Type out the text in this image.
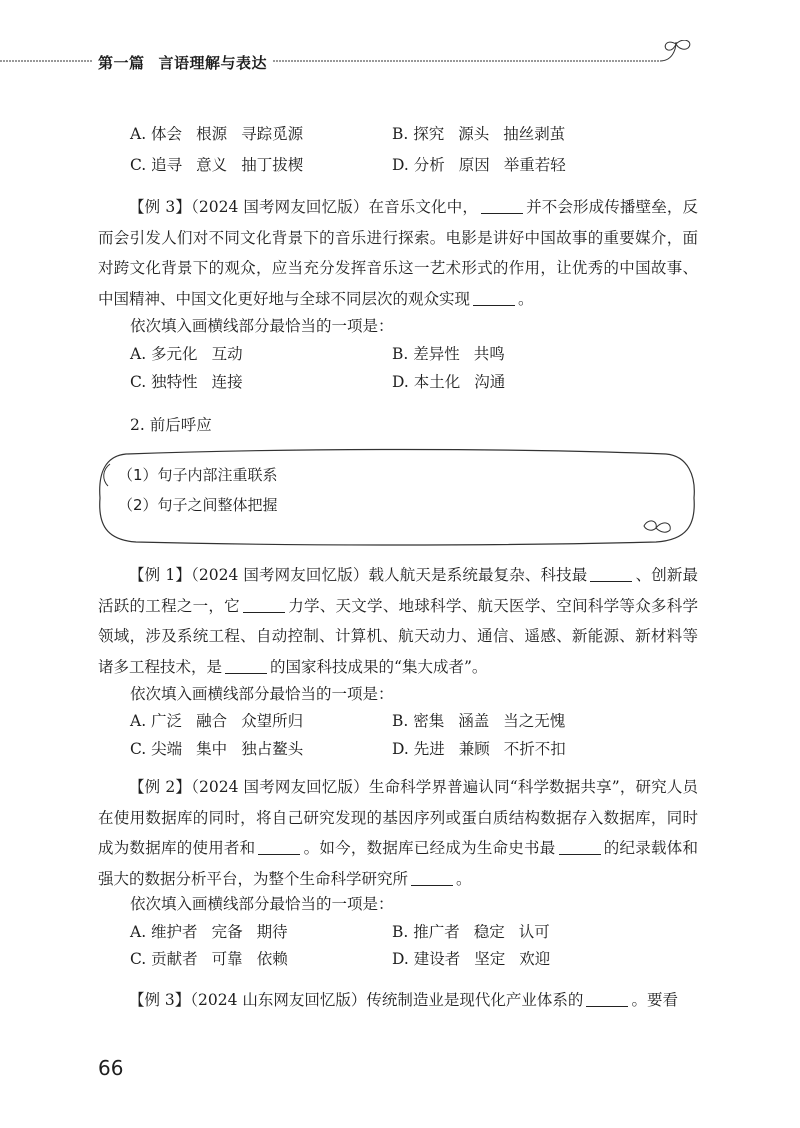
第一篇 言语理解与表达
A. 体会 根源 寻踪觅源	B. 探究 源头 抽丝剥茧
C. 追寻 意义 抽丁拔楔	D. 分析 原因 举重若轻
【例 3】（2024 国考网友回忆版）在音乐文化中，	并不会形成传播壁垒，反而会引发人们对不同文化背景下的音乐进行探索。电影是讲好中国故事的重要媒介，面对跨文化背景下的观众，应当充分发挥音乐这一艺术形式的作用，让优秀的中国故事、中国精神、中国文化更好地与全球不同层次的观众实现	。
依次填入画横线部分最恰当的一项是：
A. 多元化 互动	B. 差异性 共鸣
C. 独特性 连接	D. 本土化 沟通
2. 前后呼应
（1）句子内部注重联系
（2）句子之间整体把握
【例 1】（2024 国考网友回忆版）载人航天是系统最复杂、科技最	、创新最活跃的工程之一，它	力学、天文学、地球科学、航天医学、空间科学等众多科学领域，涉及系统工程、自动控制、计算机、航天动力、通信、遥感、新能源、新材料等诸多工程技术，是	的国家科技成果的“集大成者”。
依次填入画横线部分最恰当的一项是：
A. 广泛 融合 众望所归	B. 密集 涵盖 当之无愧
C. 尖端 集中 独占鳌头	D. 先进 兼顾 不折不扣
【例 2】（2024 国考网友回忆版）生命科学界普遍认同“科学数据共享”，研究人员在使用数据库的同时，将自己研究发现的基因序列或蛋白质结构数据存入数据库，同时成为数据库的使用者和	。如今，数据库已经成为生命史书最	的纪录载体和强大的数据分析平台，为整个生命科学研究所	。
依次填入画横线部分最恰当的一项是：
A. 维护者 完备 期待	B. 推广者 稳定 认可
C. 贡献者 可靠 依赖	D. 建设者 坚定 欢迎
【例 3】（2024 山东网友回忆版）传统制造业是现代化产业体系的	。要看
66
